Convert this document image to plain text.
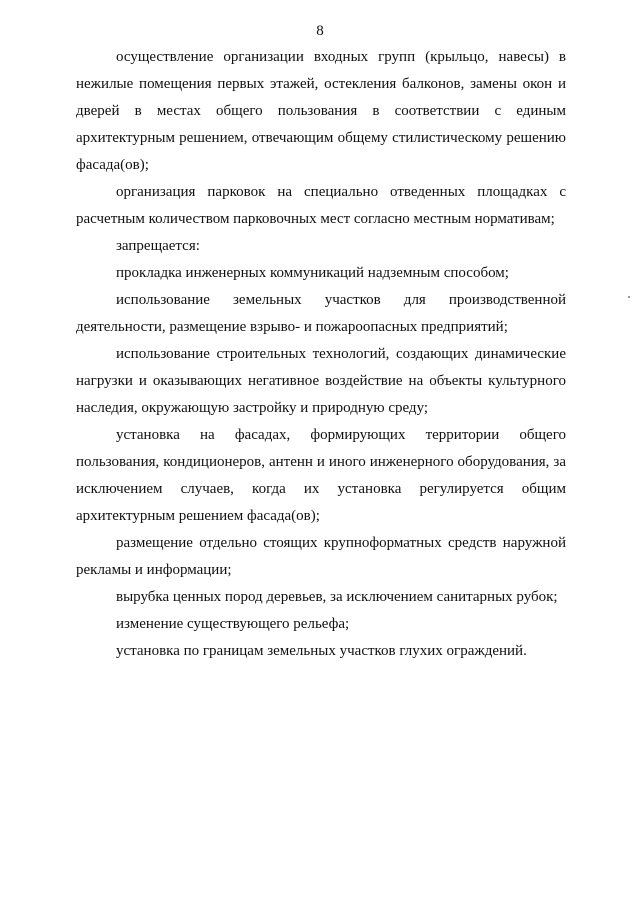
8

осуществление организации входных групп (крыльцо, навесы) в нежилые помещения первых этажей, остекления балконов, замены окон и дверей в местах общего пользования в соответствии с единым архитектурным решением, отвечающим общему стилистическому решению фасада(ов);

организация парковок на специально отведенных площадках с расчетным количеством парковочных мест согласно местным нормативам;

запрещается:

прокладка инженерных коммуникаций надземным способом;

использование земельных участков для производственной деятельности, размещение взрыво- и пожароопасных предприятий;

использование строительных технологий, создающих динамические нагрузки и оказывающих негативное воздействие на объекты культурного наследия, окружающую застройку и природную среду;

установка на фасадах, формирующих территории общего пользования, кондиционеров, антенн и иного инженерного оборудования, за исключением случаев, когда их установка регулируется общим архитектурным решением фасада(ов);

размещение отдельно стоящих крупноформатных средств наружной рекламы и информации;

вырубка ценных пород деревьев, за исключением санитарных рубок;

изменение существующего рельефа;

установка по границам земельных участков глухих ограждений.
